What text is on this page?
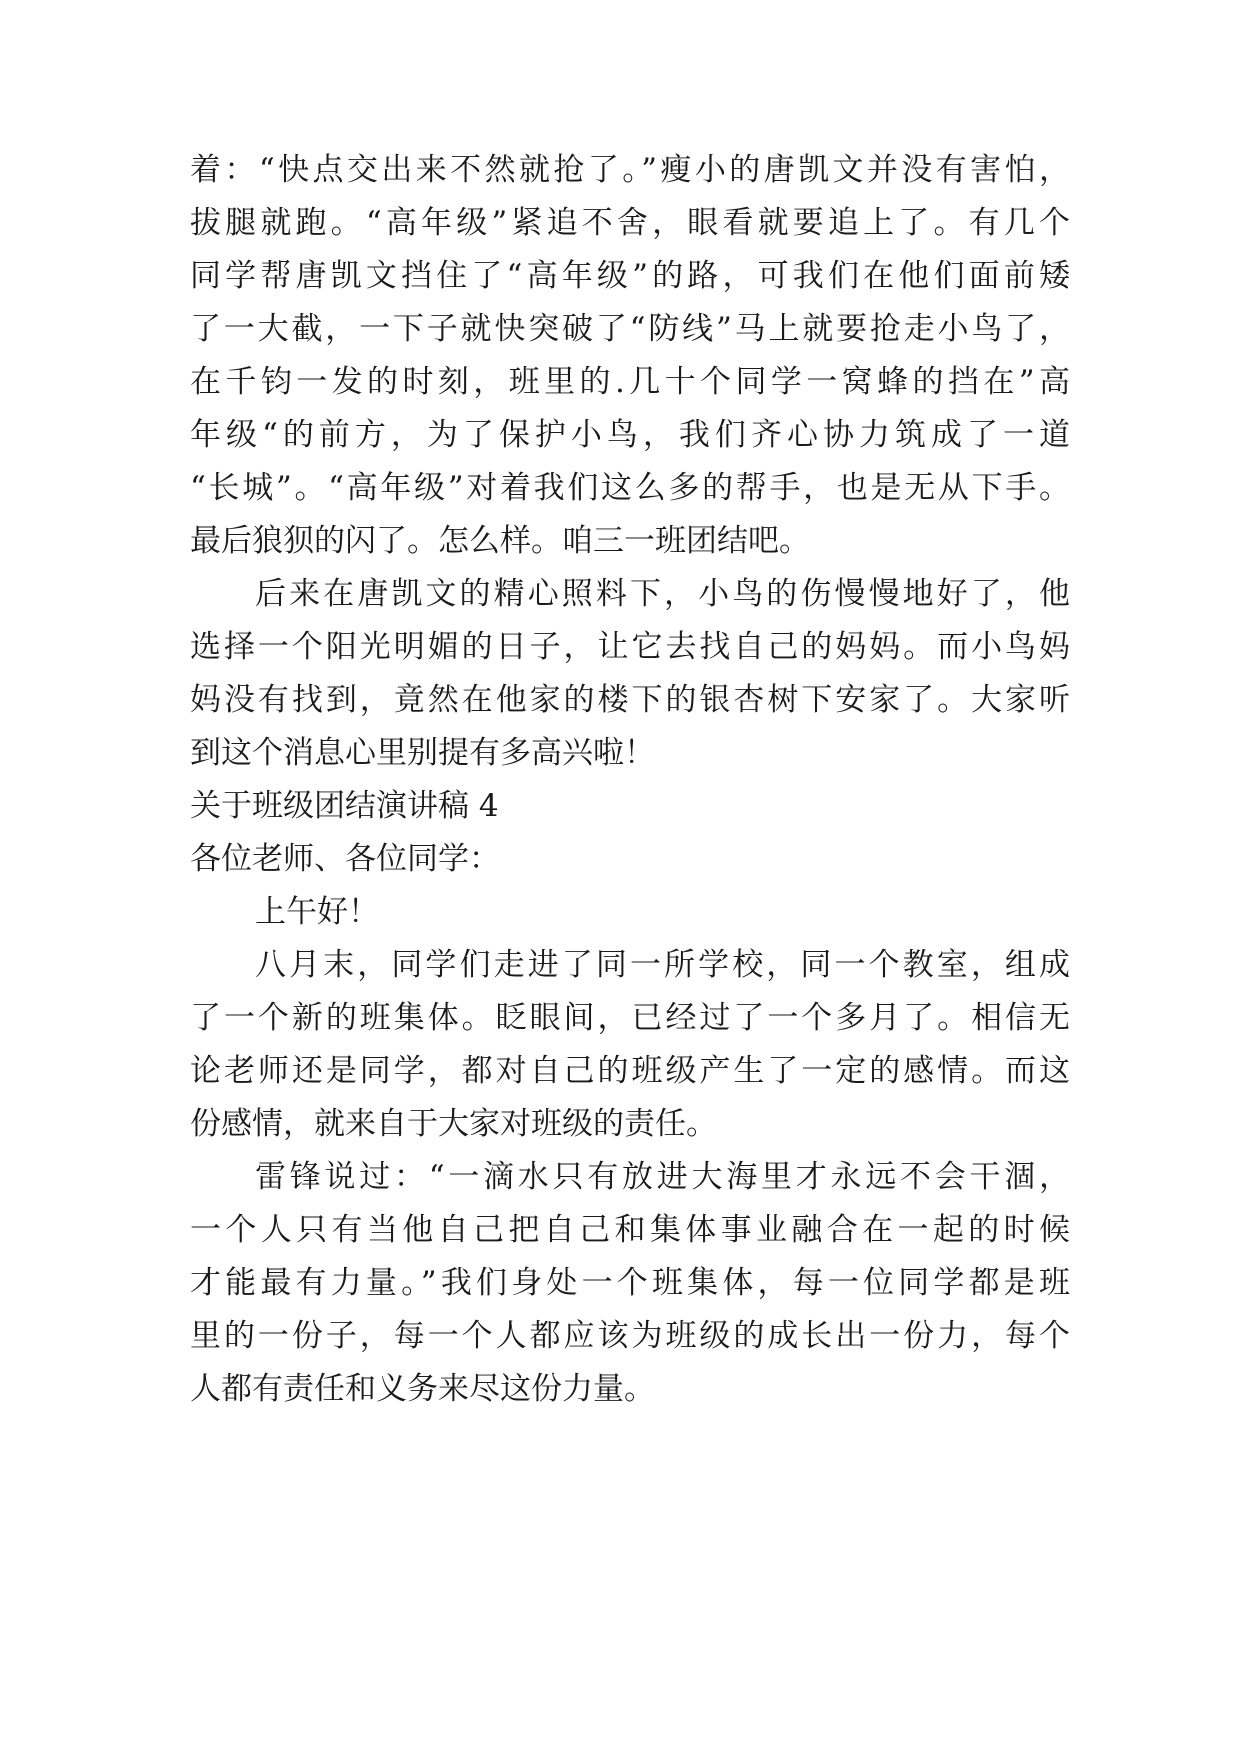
着：“快点交出来不然就抢了。”瘦小的唐凯文并没有害怕，
拔腿就跑。“高年级”紧追不舍，眼看就要追上了。有几个
同学帮唐凯文挡住了“高年级”的路，可我们在他们面前矮
了一大截，一下子就快突破了“防线”马上就要抢走小鸟了，
在千钧一发的时刻，班里的.几十个同学一窝蜂的挡在”高
年级“的前方，为了保护小鸟，我们齐心协力筑成了一道
“长城”。“高年级”对着我们这么多的帮手，也是无从下手。
最后狼狈的闪了。怎么样。咱三一班团结吧。
后来在唐凯文的精心照料下，小鸟的伤慢慢地好了，他
选择一个阳光明媚的日子，让它去找自己的妈妈。而小鸟妈
妈没有找到，竟然在他家的楼下的银杏树下安家了。大家听
到这个消息心里别提有多高兴啦！
关于班级团结演讲稿 4
各位老师、各位同学：
上午好！
八月末，同学们走进了同一所学校，同一个教室，组成
了一个新的班集体。眨眼间，已经过了一个多月了。相信无
论老师还是同学，都对自己的班级产生了一定的感情。而这
份感情，就来自于大家对班级的责任。
雷锋说过：“一滴水只有放进大海里才永远不会干涸，
一个人只有当他自己把自己和集体事业融合在一起的时候
才能最有力量。”我们身处一个班集体，每一位同学都是班
里的一份子，每一个人都应该为班级的成长出一份力，每个
人都有责任和义务来尽这份力量。
